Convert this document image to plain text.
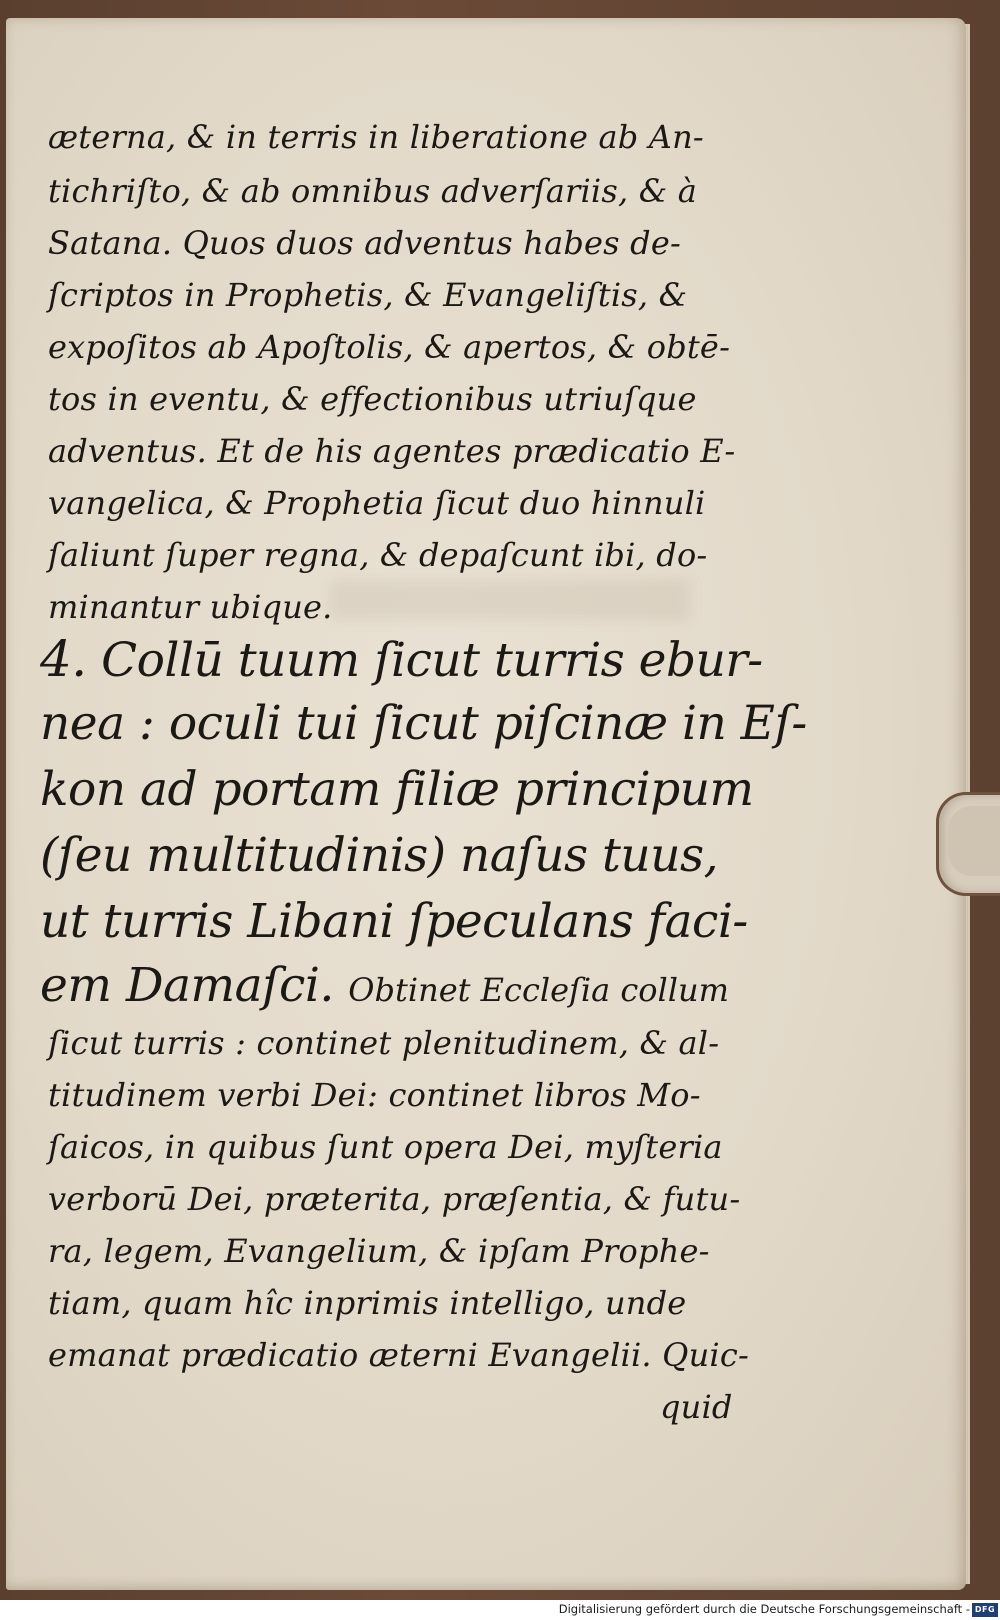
æterna, & in terris in liberatione ab An-
tichriſto, & ab omnibus adverſariis, & à
Satana. Quos duos adventus habes de-
ſcriptos in Prophetis, & Evangeliſtis, &
expoſitos ab Apoſtolis, & apertos, & obtē-
tos in eventu, & effectionibus utriuſque
adventus. Et de his agentes prædicatio E-
vangelica, & Prophetia ſicut duo hinnuli
ſaliunt ſuper regna, & depaſcunt ibi, do-
minantur ubique.
4. Collū tuum ſicut turris ebur-
nea : oculi tui ſicut piſcinæ in Eſ-
kon ad portam filiæ principum
(ſeu multitudinis) naſus tuus,
ut turris Libani ſpeculans faci-
em Damaſci. Obtinet Eccleſia collum
ſicut turris : continet plenitudinem, & al-
titudinem verbi Dei: continet libros Mo-
ſaicos, in quibus ſunt opera Dei, myſteria
verborū Dei, præterita, præſentia, & futu-
ra, legem, Evangelium, & ipſam Prophe-
tiam, quam hîc inprimis intelligo, unde
emanat prædicatio æterni Evangelii. Quic-
quid
Digitalisierung gefördert durch die Deutsche Forschungsgemeinschaft - DFG
